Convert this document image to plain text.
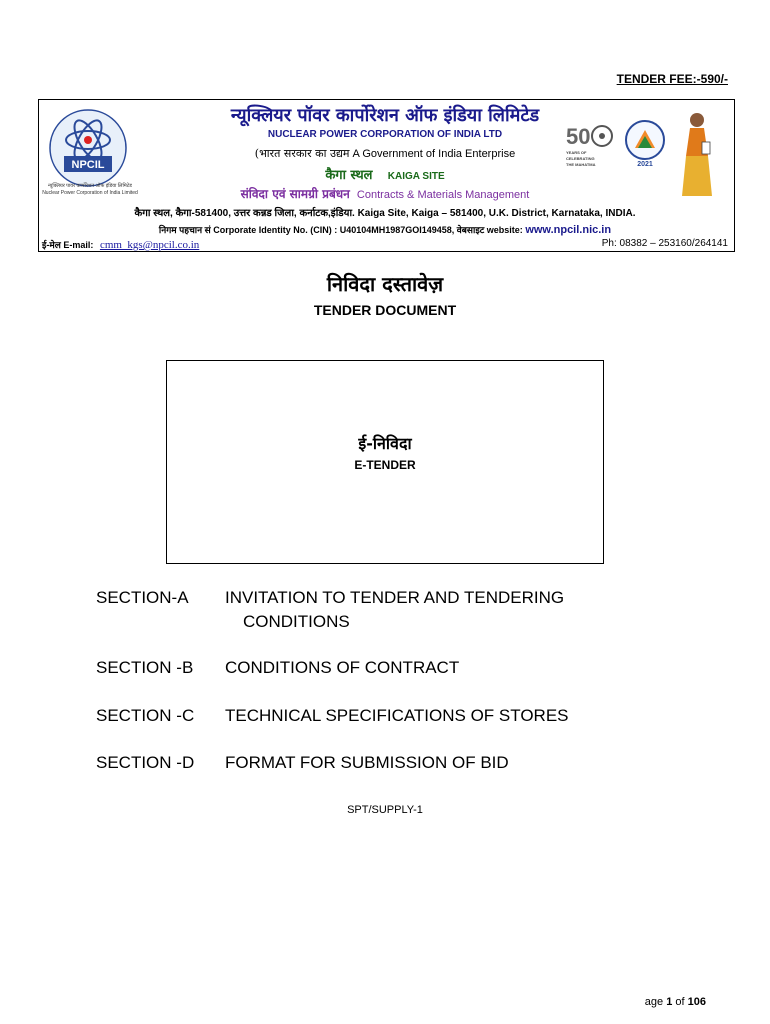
TENDER FEE:-590/-
NPCIL
न्यूक्लियर पावर कार्पोरेशन ऑफ इंडिया लिमिटेड Nuclear Power Corporation of India Limited
न्यूक्लियर पॉवर कार्पोरेशन ऑफ इंडिया लिमिटेड
NUCLEAR POWER CORPORATION OF INDIA LTD
(भारत सरकार का उद्यम A Government of India Enterprise
कैगा स्थल KAIGA SITE
संविदा एवं सामग्री प्रबंधन Contracts & Materials Management
कैगा स्थल, कैगा-581400, उत्तर कन्नड जिला, कर्नाटक,इंडिया. Kaiga Site, Kaiga – 581400, U.K. District, Karnataka, INDIA.
निगम पहचान सं Corporate Identity No. (CIN) : U40104MH1987GOI149458, वेबसाइट website: www.npcil.nic.in
ई-मेल E-mail: cmm_kgs@npcil.co.in	Ph: 08382 – 253160/264141
50
YEARS OF
CELEBRATING
THE MAHATMA	2021
निविदा दस्तावेज़
TENDER DOCUMENT
ई-निविदा
E-TENDER
SECTION-A INVITATION TO TENDER AND TENDERING
CONDITIONS
SECTION -B CONDITIONS OF CONTRACT
SECTION -C TECHNICAL SPECIFICATIONS OF STORES
SECTION -D FORMAT FOR SUBMISSION OF BID
SPT/SUPPLY-1
age 1 of 106
